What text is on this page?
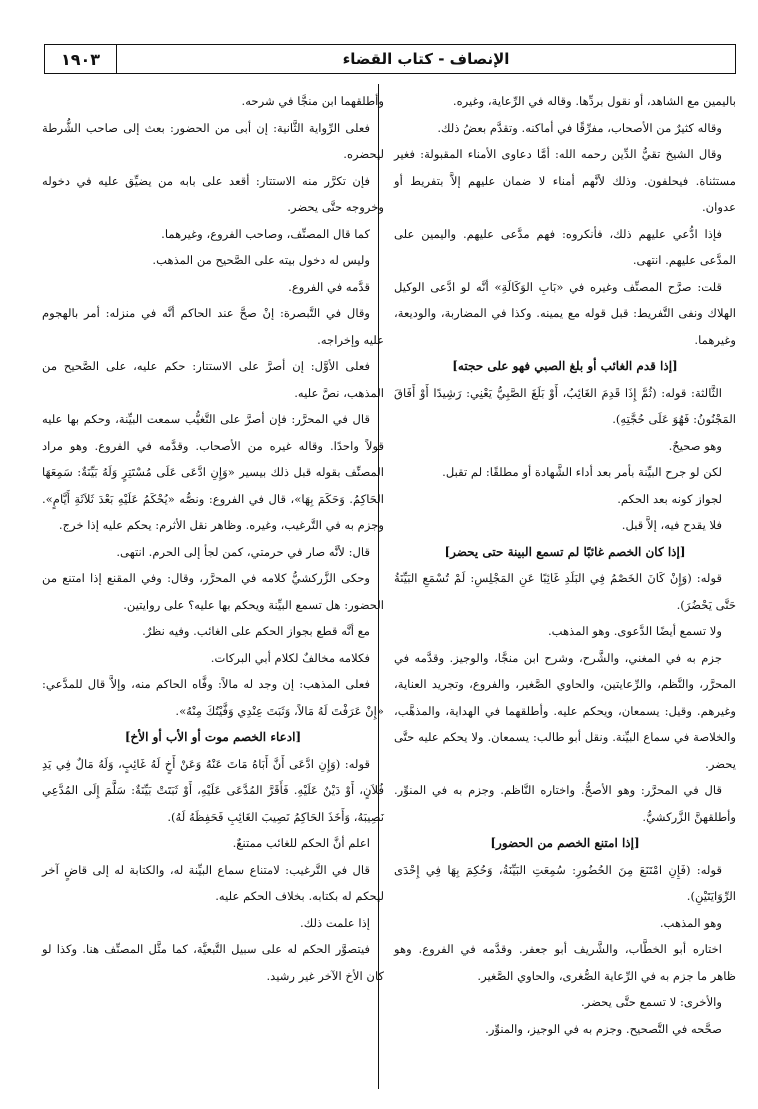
١٩٠٣	الإنصاف - كتاب القضاء

باليمين مع الشاهد، أو نقول بردِّها. وقاله في الرِّعاية، وغيره.

وقاله كثيرٌ من الأصحاب، مفرِّقًا في أماكنه. وتقدَّم بعضُ ذلك.

وقال الشيخ تقيُّ الدِّين رحمه الله: أمَّا دعاوى الأمناء المقبولة: فغير مستثناة. فيحلفون. وذلك لأنَّهم أمناء لا ضمان عليهم إلاَّ بتفريط أو عدوان.

فإذا ادُّعي عليهم ذلك، فأنكروه: فهم مدَّعى عليهم. واليمين على المدَّعى عليهم. انتهى.

قلت: صرَّح المصنِّف وغيره في «بَابِ الوَكَالَةِ» أنَّه لو ادَّعى الوكيل الهلاك ونفى التَّفريط: قبل قوله مع يمينه. وكذا في المضاربة، والوديعة، وغيرهما.

[إذا قدم الغائب أو بلغ الصبي فهو على حجته]

الثَّالثة: قوله: (ثُمَّ إِذَا قَدِمَ الغَائِبُ، أَوْ بَلَغَ الصَّبِيُّ يَعْنِي: رَشِيدًا أَوْ أَفَاقَ المَجْنُونُ: فَهُوَ عَلَى حُجَّتِهِ).

وهو صحيحٌ.

لكن لو جرح البيِّنة بأمر بعد أداء الشَّهادة أو مطلقًا: لم تقبل.

لجواز كونه بعد الحكم.

فلا يقدح فيه، إلاَّ قبل.

[إذا كان الخصم غائبًا لم تسمع البينة حتى يحضر]

قوله: (وَإِنْ كَانَ الخَصْمُ فِي البَلَدِ غَائِبًا عَنِ المَجْلِسِ: لَمْ تُسْمَعِ البَيِّنَةُ حَتَّى يَحْضُرَ).

ولا تسمع أيضًا الدَّعوى. وهو المذهب.

جزم به في المغني، والشَّرح، وشرح ابن منجَّا، والوجيز. وقدَّمه في المحرَّر، والنَّظم، والرِّعايتين، والحاوي الصَّغير، والفروع، وتجريد العناية، وغيرهم. وقيل: يسمعان، ويحكم عليه. وأطلقهما في الهداية، والمذهَّب، والخلاصة في سماع البيِّنة. ونقل أبو طالب: يسمعان. ولا يحكم عليه حتَّى يحضر.

قال في المحرَّر: وهو الأصحُّ. واختاره النَّاظم. وجزم به في المنوِّر. وأطلقهنَّ الزَّركشيُّ.

[إذا امتنع الخصم من الحضور]

قوله: (فَإِنِ امْتَنَعَ مِنَ الحُضُورِ: سُمِعَتِ البَيِّنَةُ، وَحُكِمَ بِهَا فِي إِحْدَى الرِّوَايَتَيْنِ).

وهو المذهب.

اختاره أبو الخطَّاب، والشَّريف أبو جعفر. وقدَّمه في الفروع. وهو ظاهر ما جزم به في الرِّعاية الصُّغرى، والحاوي الصَّغير.

والأخرى: لا تسمع حتَّى يحضر.

صحَّحه في التَّصحيح. وجزم به في الوجيز، والمنوِّر.

وأطلقهما ابن منجَّا في شرحه.

فعلى الرِّواية الثَّانية: إن أبى من الحضور: بعث إلى صاحب الشُّرطة ليحضره.

فإن تكرَّر منه الاستتار: أقعد على بابه من يضيِّق عليه في دخوله وخروجه حتَّى يحضر.

كما قال المصنِّف، وصاحب الفروع، وغيرهما.

وليس له دخول بيته على الصَّحيح من المذهب.

قدَّمه في الفروع.

وقال في التَّبصرة: إنْ صحَّ عند الحاكم أنَّه في منزله: أمر بالهجوم عليه وإخراجه.

فعلى الأوَّل: إن أصرَّ على الاستتار: حكم عليه، على الصَّحيح من المذهب، نصَّ عليه.

قال في المحرَّر: فإن أصرَّ على التَّغيُّب سمعت البيِّنة، وحكم بها عليه قولاً واحدًا. وقاله غيره من الأصحاب. وقدَّمه في الفروع. وهو مراد المصنِّف بقوله قبل ذلك بيسير «وَإِنِ ادَّعَى عَلَى مُسْتَتِرٍ وَلَهُ بَيِّنَةٌ: سَمِعَهَا الحَاكِمُ. وَحَكَمَ بِهَا»، قال في الفروع: ونصُّه «يُحْكَمُ عَلَيْهِ بَعْدَ ثَلاَثَةِ أَيَّامٍ». وجزم به في التَّرغيب، وغيره. وظاهر نقل الأثرم: يحكم عليه إذا خرج.

قال: لأنَّه صار في حرمتي، كمن لجأ إلى الحرم. انتهى.

وحكى الزَّركشيُّ كلامه في المحرَّر، وقال: وفي المقنع إذا امتنع من الحضور: هل تسمع البيِّنة ويحكم بها عليه؟ على روايتين.

مع أنَّه قطع بجواز الحكم على الغائب. وفيه نظرٌ.

فكلامه مخالفٌ لكلام أبي البركات.

فعلى المذهب: إن وجد له مالاً: وفَّاه الحاكم منه، وإلاَّ قال للمدَّعي: «إِنْ عَرَفْتَ لَهُ مَالاً، وَثَبَتَ عِنْدِي وَفَّيْتُكَ مِنْهُ».

[ادعاء الخصم موت أو الأب أو الأخ]

قوله: (وَإِنِ ادَّعَى أَنَّ أَبَاهُ مَاتَ عَنْهُ وَعَنْ أَخٍ لَهُ غَائِبٍ، وَلَهُ مَالٌ فِي يَدِ فُلاَنٍ، أَوْ دَيْنٌ عَلَيْهِ. فَأَقَرَّ المُدَّعَى عَلَيْهِ، أَوْ ثَبَتَتْ بَيِّنَةٌ: سَلَّمَ إِلَى المُدَّعِي نَصِيبَهُ، وَأَخَذَ الحَاكِمُ نَصِيبَ الغَائِبِ فَحَفِظَهُ لَهُ).

اعلم أنَّ الحكم للغائب ممتنعٌ.

قال في التَّرغيب: لامتناع سماع البيِّنة له، والكتابة له إلى قاضٍ آخر ليحكم له بكتابه. بخلاف الحكم عليه.

إذا علمت ذلك.

فيتصوَّر الحكم له على سبيل التَّبعيَّة، كما مثَّل المصنِّف هنا. وكذا لو كان الأخ الآخر غير رشيد.
